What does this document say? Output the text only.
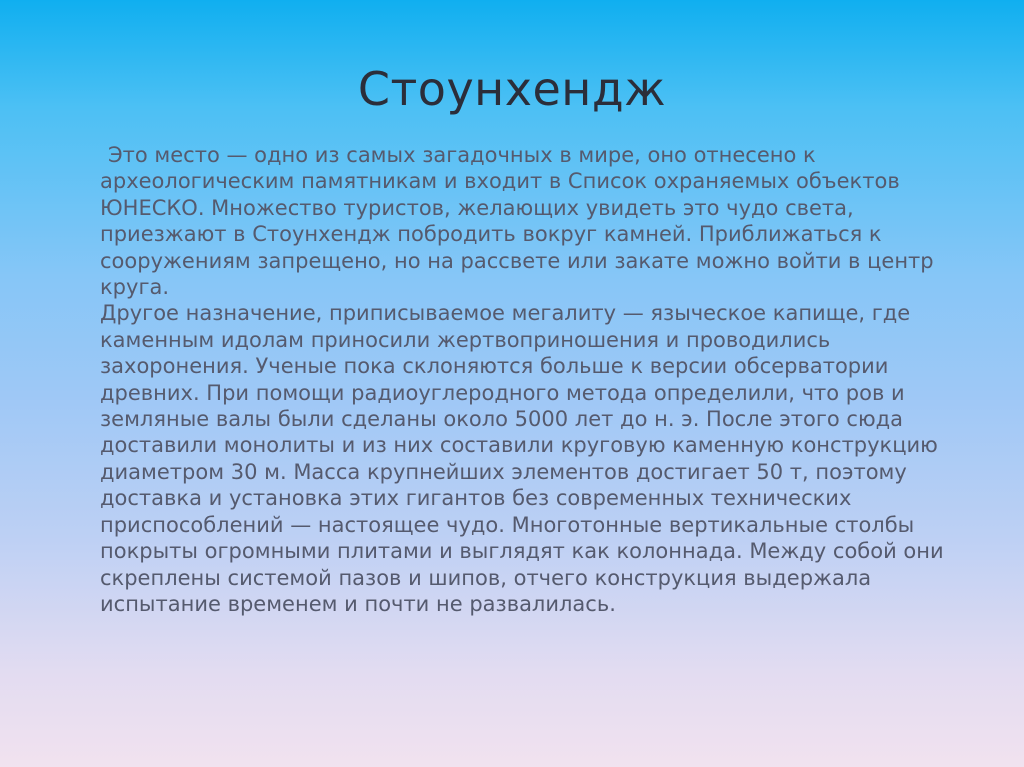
Стоунхендж

Это место — одно из самых загадочных в мире, оно отнесено к археологическим памятникам и входит в Список охраняемых объектов ЮНЕСКО. Множество туристов, желающих увидеть это чудо света, приезжают в Стоунхендж побродить вокруг камней. Приближаться к сооружениям запрещено, но на рассвете или закате можно войти в центр круга.

Другое назначение, приписываемое мегалиту — языческое капище, где каменным идолам приносили жертвоприношения и проводились захоронения. Ученые пока склоняются больше к версии обсерватории древних. При помощи радиоуглеродного метода определили, что ров и земляные валы были сделаны около 5000 лет до н. э. После этого сюда доставили монолиты и из них составили круговую каменную конструкцию диаметром 30 м. Масса крупнейших элементов достигает 50 т, поэтому доставка и установка этих гигантов без современных технических приспособлений — настоящее чудо. Многотонные вертикальные столбы покрыты огромными плитами и выглядят как колоннада. Между собой они скреплены системой пазов и шипов, отчего конструкция выдержала испытание временем и почти не развалилась.
